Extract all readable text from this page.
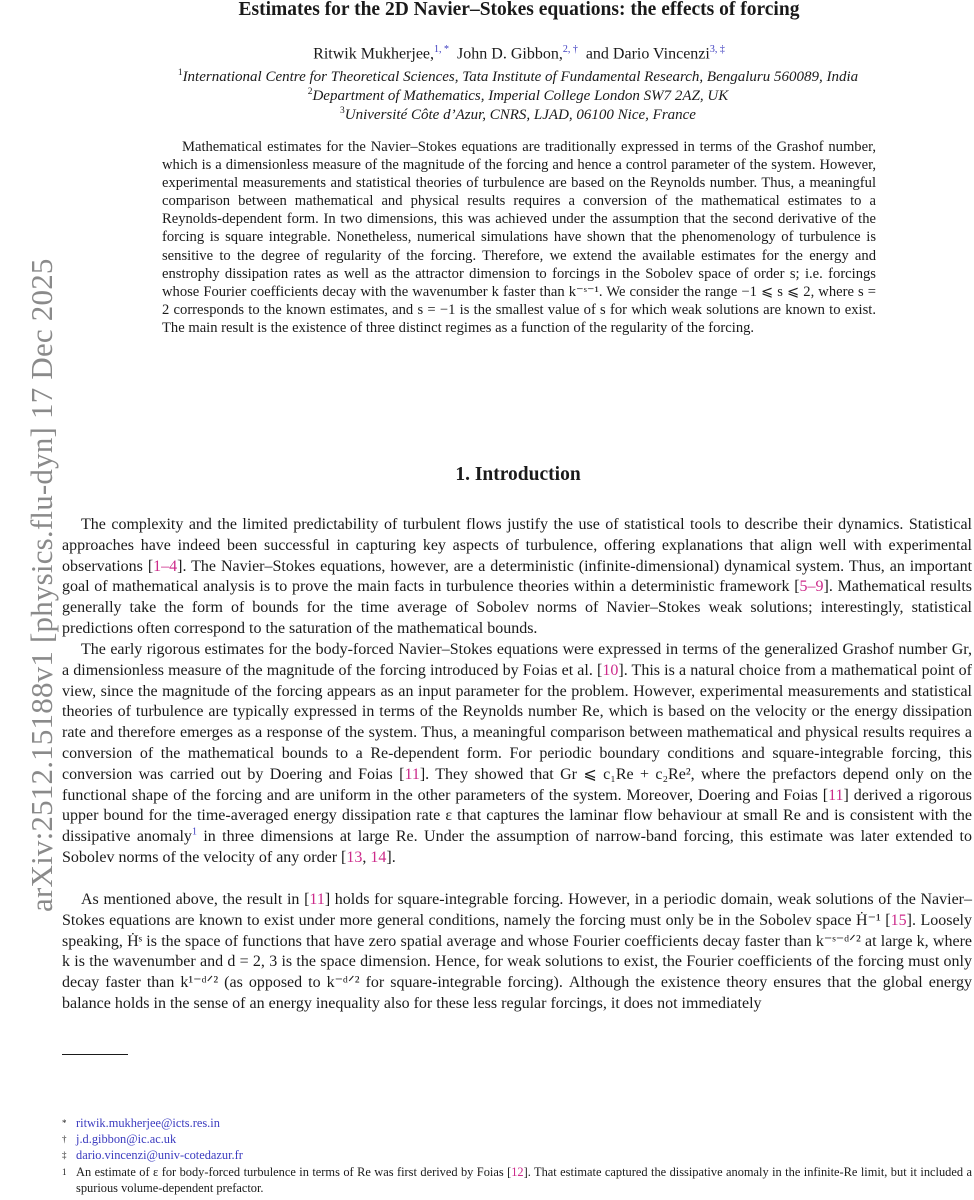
arXiv:2512.15188v1 [physics.flu-dyn] 17 Dec 2025
Estimates for the 2D Navier–Stokes equations: the effects of forcing
Ritwik Mukherjee,$^{1, *}$ John D. Gibbon,$^{2, \dagger}$ and Dario Vincenzi$^{3, \ddagger}$
$^1$International Centre for Theoretical Sciences, Tata Institute of Fundamental Research, Bengaluru 560089, India
$^2$Department of Mathematics, Imperial College London SW7 2AZ, UK
$^3$Université Côte d’Azur, CNRS, LJAD, 06100 Nice, France

Mathematical estimates for the Navier–Stokes equations are traditionally expressed in terms of the Grashof number, which is a dimensionless measure of the magnitude of the forcing and hence a control parameter of the system. However, experimental measurements and statistical theories of turbulence are based on the Reynolds number. Thus, a meaningful comparison between mathematical and physical results requires a conversion of the mathematical estimates to a Reynolds-dependent form. In two dimensions, this was achieved under the assumption that the second derivative of the forcing is square integrable. Nonetheless, numerical simulations have shown that the phenomenology of turbulence is sensitive to the degree of regularity of the forcing. Therefore, we extend the available estimates for the energy and enstrophy dissipation rates as well as the attractor dimension to forcings in the Sobolev space of order s; i.e. forcings whose Fourier coefficients decay with the wavenumber k faster than k⁻ˢ⁻¹. We consider the range −1 ⩽ s ⩽ 2, where s = 2 corresponds to the known estimates, and s = −1 is the smallest value of s for which weak solutions are known to exist. The main result is the existence of three distinct regimes as a function of the regularity of the forcing.

1. Introduction

The complexity and the limited predictability of turbulent flows justify the use of statistical tools to describe their dynamics. Statistical approaches have indeed been successful in capturing key aspects of turbulence, offering explanations that align well with experimental observations [1–4]. The Navier–Stokes equations, however, are a deterministic (infinite-dimensional) dynamical system. Thus, an important goal of mathematical analysis is to prove the main facts in turbulence theories within a deterministic framework [5–9]. Mathematical results generally take the form of bounds for the time average of Sobolev norms of Navier–Stokes weak solutions; interestingly, statistical predictions often correspond to the saturation of the mathematical bounds.

The early rigorous estimates for the body-forced Navier–Stokes equations were expressed in terms of the generalized Grashof number Gr, a dimensionless measure of the magnitude of the forcing introduced by Foias et al. [10]. This is a natural choice from a mathematical point of view, since the magnitude of the forcing appears as an input parameter for the problem. However, experimental measurements and statistical theories of turbulence are typically expressed in terms of the Reynolds number Re, which is based on the velocity or the energy dissipation rate and therefore emerges as a response of the system. Thus, a meaningful comparison between mathematical and physical results requires a conversion of the mathematical bounds to a Re-dependent form. For periodic boundary conditions and square-integrable forcing, this conversion was carried out by Doering and Foias [11]. They showed that Gr ⩽ c₁Re + c₂Re², where the prefactors depend only on the functional shape of the forcing and are uniform in the other parameters of the system. Moreover, Doering and Foias [11] derived a rigorous upper bound for the time-averaged energy dissipation rate ε that captures the laminar flow behaviour at small Re and is consistent with the dissipative anomaly$^1$ in three dimensions at large Re. Under the assumption of narrow-band forcing, this estimate was later extended to Sobolev norms of the velocity of any order [13, 14].

As mentioned above, the result in [11] holds for square-integrable forcing. However, in a periodic domain, weak solutions of the Navier–Stokes equations are known to exist under more general conditions, namely the forcing must only be in the Sobolev space Ḣ⁻¹ [15]. Loosely speaking, Ḣˢ is the space of functions that have zero spatial average and whose Fourier coefficients decay faster than k⁻ˢ⁻ᵈᐟ² at large k, where k is the wavenumber and d = 2, 3 is the space dimension. Hence, for weak solutions to exist, the Fourier coefficients of the forcing must only decay faster than k¹⁻ᵈᐟ² (as opposed to k⁻ᵈᐟ² for square-integrable forcing). Although the existence theory ensures that the global energy balance holds in the sense of an energy inequality also for these less regular forcings, it does not immediately

* ritwik.mukherjee@icts.res.in

† j.d.gibbon@ic.ac.uk

‡ dario.vincenzi@univ-cotedazur.fr

1 An estimate of ε for body-forced turbulence in terms of Re was first derived by Foias [12]. That estimate captured the dissipative anomaly in the infinite-Re limit, but it included a spurious volume-dependent prefactor.
